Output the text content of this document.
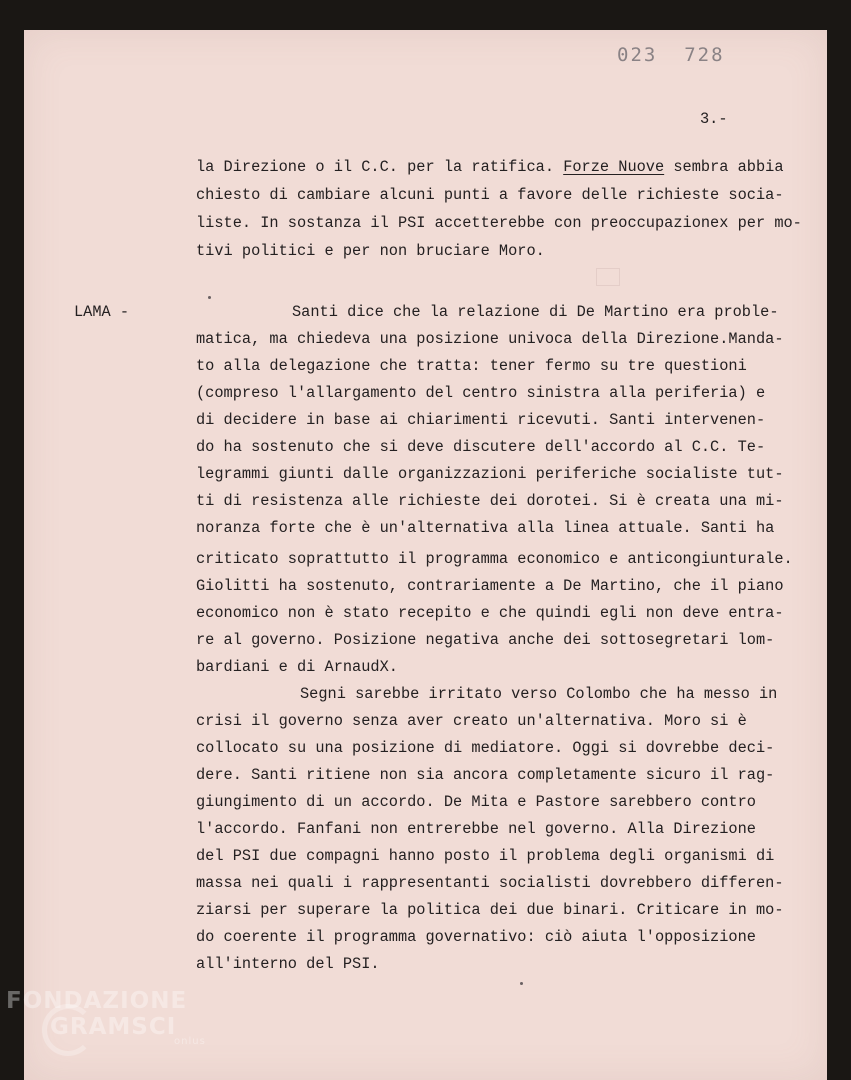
023  728
3.-
la Direzione o il C.C. per la ratifica. Forze Nuove sembra abbia
chiesto di cambiare alcuni punti a favore delle richieste socia-
liste. In sostanza il PSI accetterebbe con preoccupazionex per mo-
tivi politici e per non bruciare Moro.
LAMA -	Santi dice che la relazione di De Martino era proble-
matica, ma chiedeva una posizione univoca della Direzione.Manda-
to alla delegazione che tratta: tener fermo su tre questioni
(compreso l'allargamento del centro sinistra alla periferia) e
di decidere in base ai chiarimenti ricevuti. Santi intervenen-
do ha sostenuto che si deve discutere dell'accordo al C.C. Te-
legrammi giunti dalle organizzazioni periferiche socialiste tut-
ti di resistenza alle richieste dei dorotei. Si è creata una mi-
noranza forte che è un'alternativa alla linea attuale. Santi ha
criticato soprattutto il programma economico e anticongiunturale.
Giolitti ha sostenuto, contrariamente a De Martino, che il piano
economico non è stato recepito e che quindi egli non deve entra-
re al governo. Posizione negativa anche dei sottosegretari lom-
bardiani e di ArnaudX.
Segni sarebbe irritato verso Colombo che ha messo in
crisi il governo senza aver creato un'alternativa. Moro si è
collocato su una posizione di mediatore. Oggi si dovrebbe deci-
dere. Santi ritiene non sia ancora completamente sicuro il rag-
giungimento di un accordo. De Mita e Pastore sarebbero contro
l'accordo. Fanfani non entrerebbe nel governo. Alla Direzione
del PSI due compagni hanno posto il problema degli organismi di
massa nei quali i rappresentanti socialisti dovrebbero differen-
ziarsi per superare la politica dei due binari. Criticare in mo-
do coerente il programma governativo: ciò aiuta l'opposizione
all'interno del PSI.
FONDAZIONE
GRAMSCI
onlus
